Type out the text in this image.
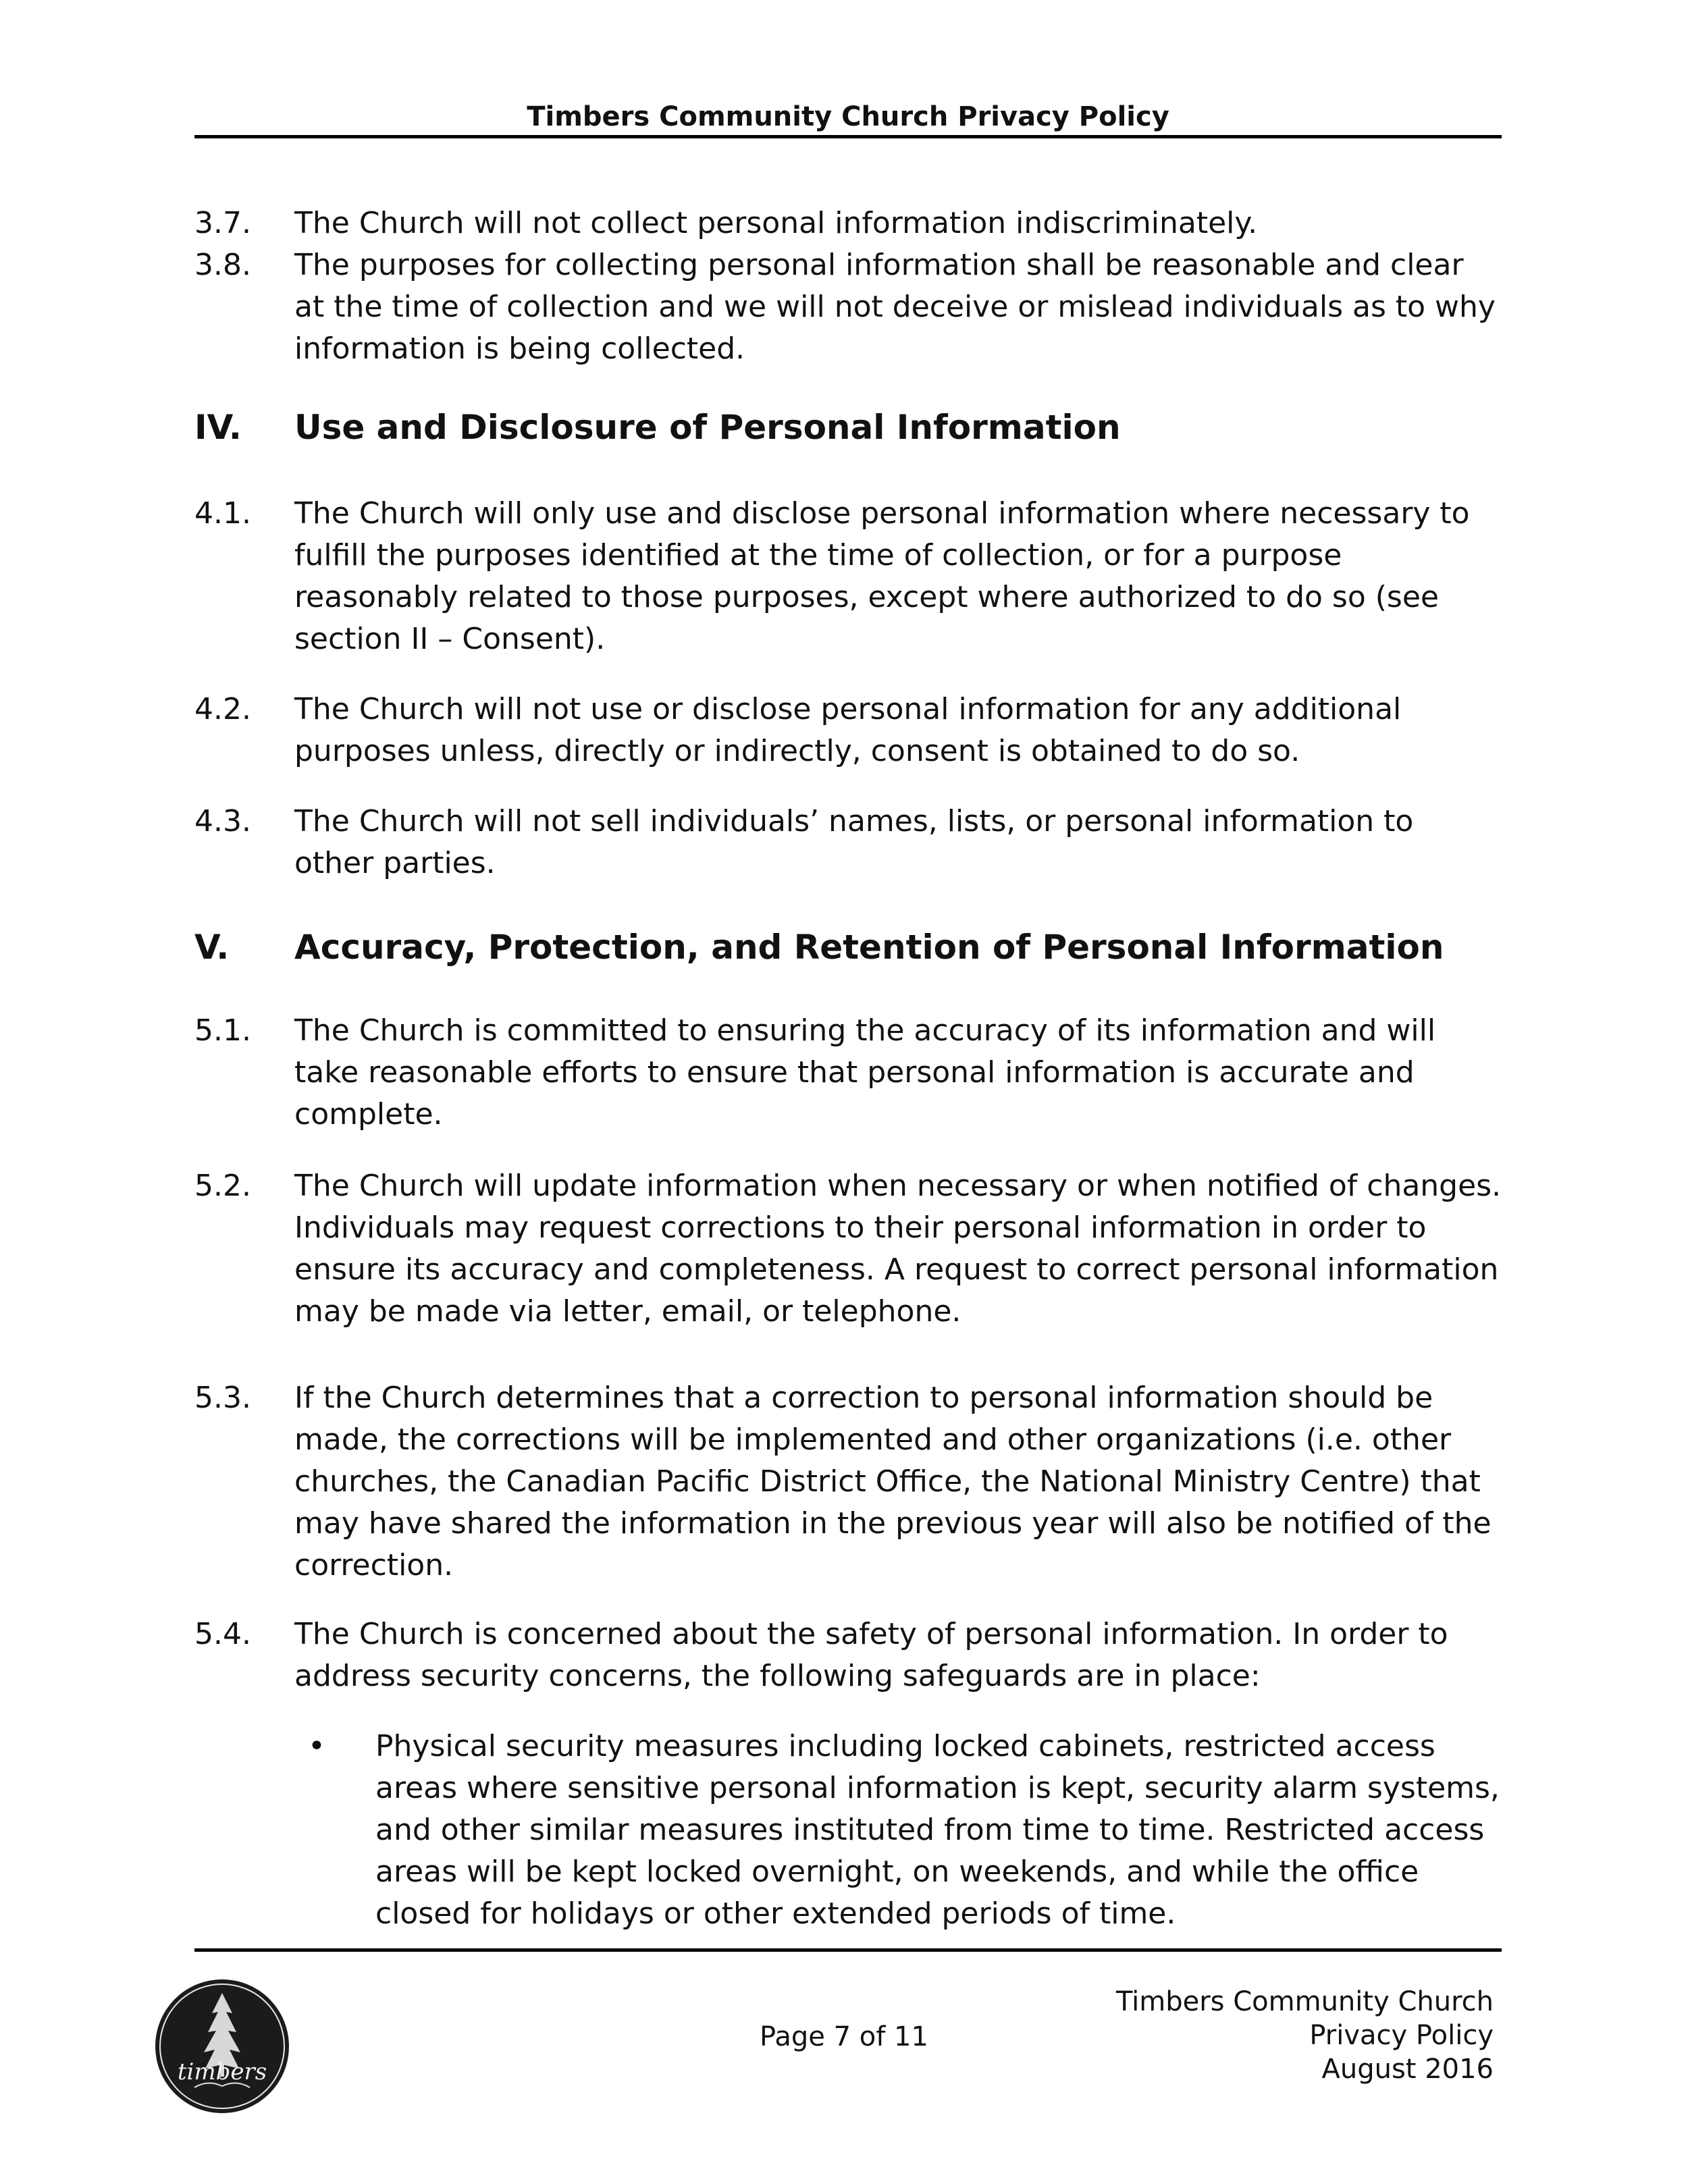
Timbers Community Church Privacy Policy
3.7.	The Church will not collect personal information indiscriminately.
3.8.	The purposes for collecting personal information shall be reasonable and clear at the time of collection and we will not deceive or mislead individuals as to why information is being collected.
IV.	Use and Disclosure of Personal Information
4.1.	The Church will only use and disclose personal information where necessary to fulfill the purposes identified at the time of collection, or for a purpose reasonably related to those purposes, except where authorized to do so (see section II – Consent).
4.2.	The Church will not use or disclose personal information for any additional purposes unless, directly or indirectly, consent is obtained to do so.
4.3.	The Church will not sell individuals’ names, lists, or personal information to other parties.
V.	Accuracy, Protection, and Retention of Personal Information
5.1.	The Church is committed to ensuring the accuracy of its information and will take reasonable efforts to ensure that personal information is accurate and complete.
5.2.	The Church will update information when necessary or when notified of changes. Individuals may request corrections to their personal information in order to ensure its accuracy and completeness. A request to correct personal information may be made via letter, email, or telephone.
5.3.	If the Church determines that a correction to personal information should be made, the corrections will be implemented and other organizations (i.e. other churches, the Canadian Pacific District Office, the National Ministry Centre) that may have shared the information in the previous year will also be notified of the correction.
5.4.	The Church is concerned about the safety of personal information. In order to address security concerns, the following safeguards are in place:
• Physical security measures including locked cabinets, restricted access areas where sensitive personal information is kept, security alarm systems, and other similar measures instituted from time to time. Restricted access areas will be kept locked overnight, on weekends, and while the office closed for holidays or other extended periods of time.
timbers
Page 7 of 11
Timbers Community Church
Privacy Policy
August 2016
